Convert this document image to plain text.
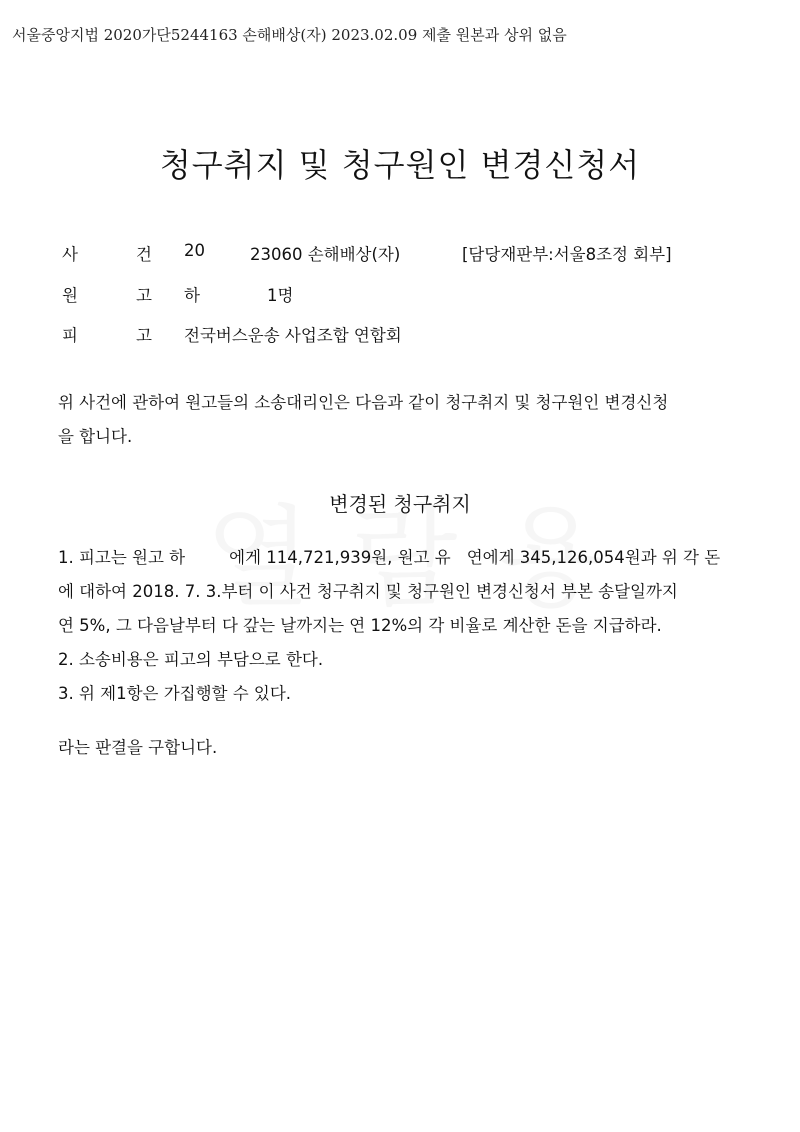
서울중앙지법 2020가단5244163 손해배상(자) 2023.02.09 제출 원본과 상위 없음
청구취지 및 청구원인 변경신청서
사	건 20	23060 손해배상(자)	[담당재판부:서울8조정 회부]
원	고 하	1명
피	고 전국버스운송 사업조합 연합회
위 사건에 관하여 원고들의 소송대리인은 다음과 같이 청구취지 및 청구원인 변경신청
을 합니다.
변경된 청구취지
1. 피고는 원고 하	에게 114,721,939원, 원고 유 연에게 345,126,054원과 위 각 돈
에 대하여 2018. 7. 3.부터 이 사건 청구취지 및 청구원인 변경신청서 부본 송달일까지
연 5%, 그 다음날부터 다 갚는 날까지는 연 12%의 각 비율로 계산한 돈을 지급하라.
2. 소송비용은 피고의 부담으로 한다.
3. 위 제1항은 가집행할 수 있다.
라는 판결을 구합니다.
